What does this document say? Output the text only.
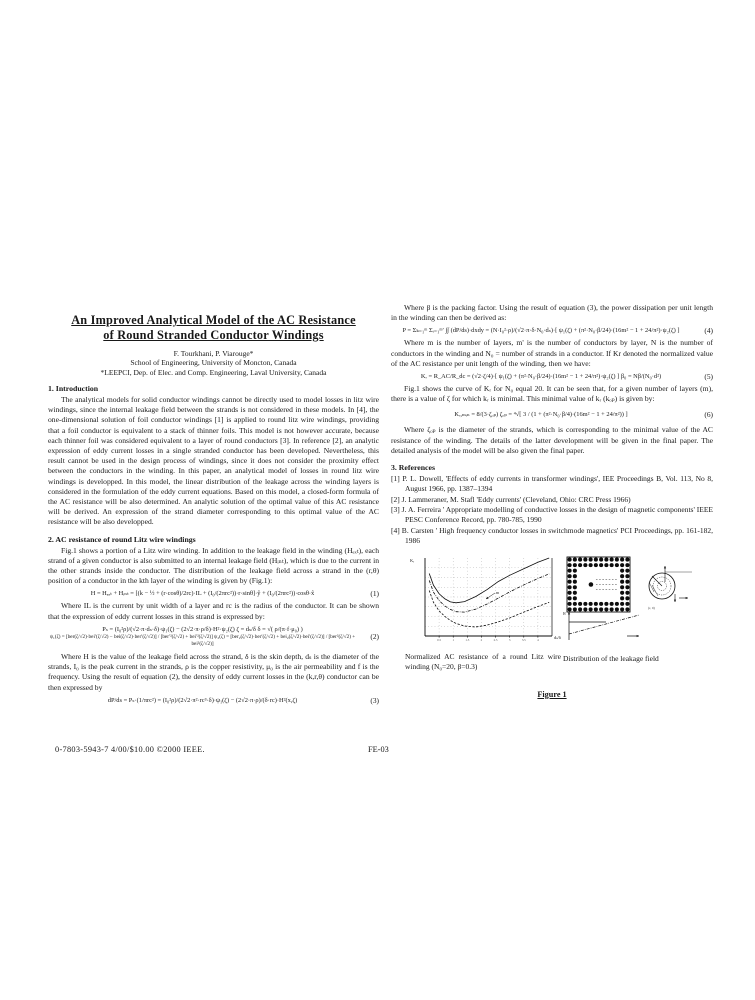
An Improved Analytical Model of the AC Resistance
of Round Stranded Conductor Windings
F. Tourkhani, P. Viarouge*
School of Engineering, University of Moncton, Canada
*LEEPCI, Dep. of Elec. and Comp. Engineering, Laval University, Canada
1. Introduction

The analytical models for solid conductor windings cannot be directly used to model losses in litz wire windings, since the internal leakage field between the strands is not considered in these models. In [4], the one-dimensional solution of foil conductor windings [1] is applied to round litz wire windings, providing that a foil conductor is equivalent to a stack of thinner foils. This model is not however accurate, because each thinner foil was considered equivalent to a layer of round conductors [3]. In reference [2], an analytic expression of eddy current losses in a single stranded conductor has been developed. Nevertheless, this result cannot be used in the design process of windings, since it does not consider the proximity effect between the conductors in the winding. In this paper, an analytical model of losses in round litz wire windings is developped. In this model, the linear distribution of the leakage across the winding layers is considered in the formulation of the eddy current equations. Based on this model, a closed-form formula of the AC resistance will be also determined. An analytic solution of the optimal value of this AC resistance will be derived. An expression of the strand diameter corresponding to this optimal value of the AC resistance will be also developped.

2. AC resistance of round Litz wire windings

Fig.1 shows a portion of a Litz wire winding. In addition to the leakage field in the winding (Hₑₓₜ), each strand of a given conductor is also submitted to an internal leakage field (Hᵢₙₜ), which is due to the current in the other strands inside the conductor. The distribution of the leakage field across a strand in the (r,θ) position of a conductor in the kth layer of the winding is given by (Fig.1):

H = Hₑₓₜ + Hᵢₙₜ = [(k − ½ + (r·cosθ)/2rc)·IL + (I₀/(2πrc²))·r·sinθ]·ŷ + (I₀/(2πrc²))·cosθ·x̂	(1)

Where IL is the current by unit width of a layer and rc is the radius of the conductor. It can be shown that the expression of eddy current losses in this strand is expressed by:

Pₛ = (I₀²ρ)/(√2·π·dₛ·δ)·ψ₁(ζ) − (2√2·π·ρ/δ)·H²·ψ₂(ζ) ζ = dₛ/δ δ = √( ρ/(π·f·μ₀) )
ψ₁(ζ) = [ber(ζ/√2)·bei′(ζ/√2) − bei(ζ/√2)·ber′(ζ/√2)] / [ber′²(ζ/√2) + bei′²(ζ/√2)] ψ₂(ζ) = [ber₂(ζ/√2)·ber′(ζ/√2) + bei₂(ζ/√2)·bei′(ζ/√2)] / [ber²(ζ/√2) + bei²(ζ/√2)]
(2)

Where H is the value of the leakage field across the strand, δ is the skin depth, dₛ is the diameter of the strands, I₀ is the peak current in the strands, ρ is the copper resistivity, μ₀ is the air permeability and f is the frequency. Using the result of equation (2), the density of eddy current losses in the (k,r,θ) conductor can be then expressed by

dP/ds = Pₛ·(1/πrc²) = (I₀²ρ)/(2√2·π²·rc³·δ)·ψ₁(ζ) − (2√2·π·ρ)/(δ·rc)·H²(x,ζ)	(3)

Where β is the packing factor. Using the result of equation (3), the power dissipation per unit length in the winding can then be derived as:

P = Σₖ₌₁ᵐ Σᵢ₌₁ᵐ′ ∫∫ (dP/ds)·dxdy = (N·I₀²·ρ)/(√2·π·δ·N₀·dₛ)·[ ψ₁(ζ) + (π²·N₀·β/24)·(16m² − 1 + 24/π²)·ψ₂(ζ) ]	(4)

Where m is the number of layers, m' is the number of conductors by layer, N is the number of conductors in the winding and N₀ = number of strands in a conductor. If Kr denoted the normalized value of the AC resistance per unit length of the winding, then we have:

Kᵣ = R_AC/R_dc = (√2·ζ/4)·[ ψ₁(ζ) + (π²·N₀·β/24)·(16m² − 1 + 24/π²)·ψ₂(ζ) ] β₀ = Nβ/(N₀·d²)	(5)

Fig.1 shows the curve of Kᵣ for N₀ equal 20. It can be seen that, for a given number of layers (m), there is a value of ζ for which kᵣ is minimal. This minimal value of kᵣ (kₒₚ) is given by:

Kᵣ,ₘᵢₙ = 8/(3·ζₒₚ) ζₒₚ = ⁴√[ 3 / (1 + (π²·N₀·β/4)·(16m² − 1 + 24/π²)) ]	(6)

Where ζₒₚ is the diameter of the strands, which is corresponding to the minimal value of the AC resistance of the winding. The details of the latter development will be given in the final paper. The detailed analysis of the model will be also given the final paper.

3. References

[1] P. L. Dowell, 'Effects of eddy currents in transformer windings', IEE Proceedings B, Vol. 113, No 8, August 1966, pp. 1387–1394

[2] J. Lammeraner, M. Stafl 'Eddy currents' (Cleveland, Ohio: CRC Press 1966)

[3] J. A. Ferreira ' Appropriate modelling of conductive losses in the design of magnetic components' IEEE PESC Conference Record, pp. 780-785, 1990

[4] B. Carsten ' High frequency conductor losses in switchmode magnetics' PCI Proceedings, pp. 161-182, 1986

0.5	1	1.5	2	2.5	3	3.5	4
Kᵣ
dₛ/δ
m
H
(r, θ)
Normalized AC resistance of a round Litz wire winding (N₀=20, β=0.3)
Distribution of the leakage field
Figure 1
0-7803-5943-7 4/00/$10.00 ©2000 IEEE.	FE-03
